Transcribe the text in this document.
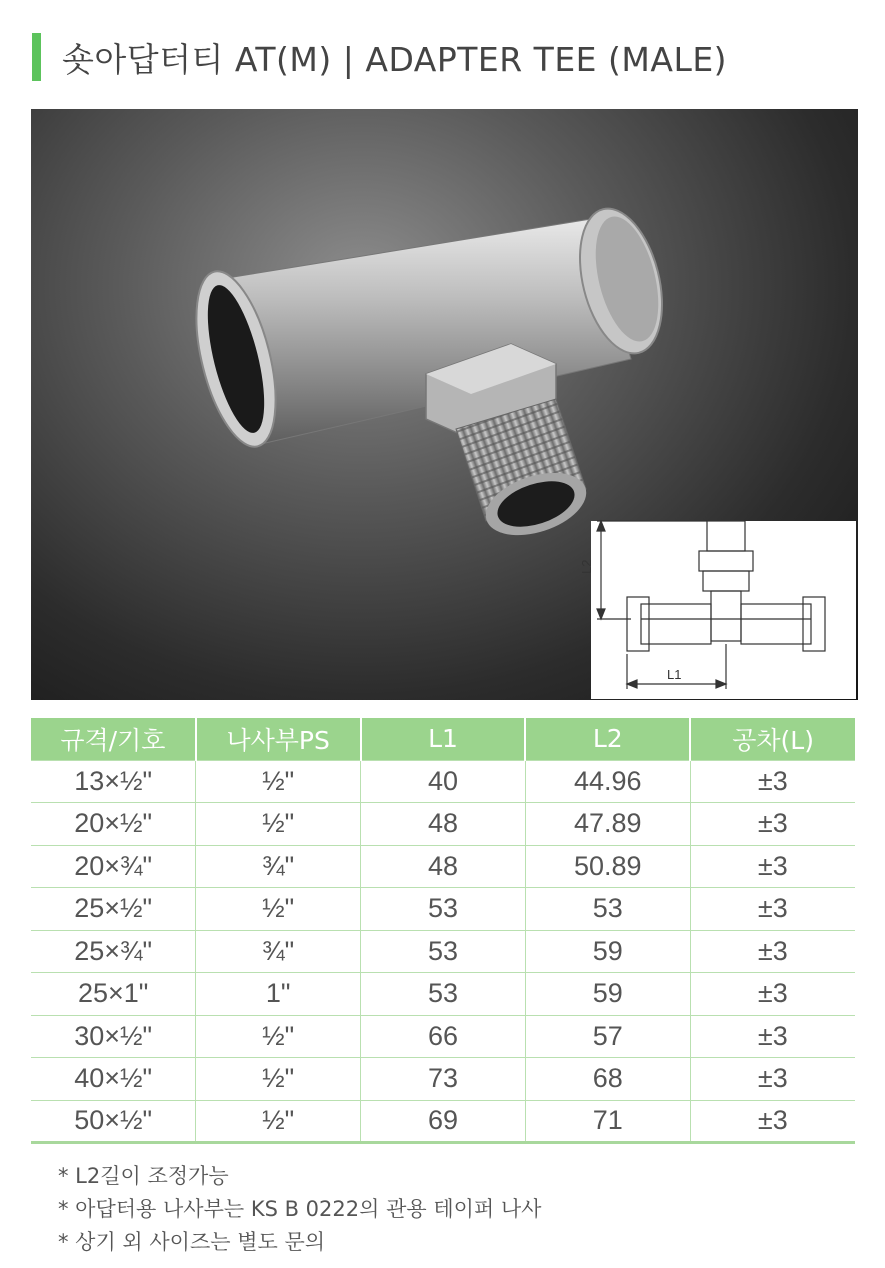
숏아답터티 AT(M) | ADAPTER TEE (MALE)
L2
L1
규격/기호	나사부PS	L1	L2	공차(L)
13×½"	½"	40	44.96	±3
20×½"	½"	48	47.89	±3
20×¾"	¾"	48	50.89	±3
25×½"	½"	53	53	±3
25×¾"	¾"	53	59	±3
25×1"	1"	53	59	±3
30×½"	½"	66	57	±3
40×½"	½"	73	68	±3
50×½"	½"	69	71	±3
* L2길이 조정가능
* 아답터용 나사부는 KS B 0222의 관용 테이퍼 나사
* 상기 외 사이즈는 별도 문의
